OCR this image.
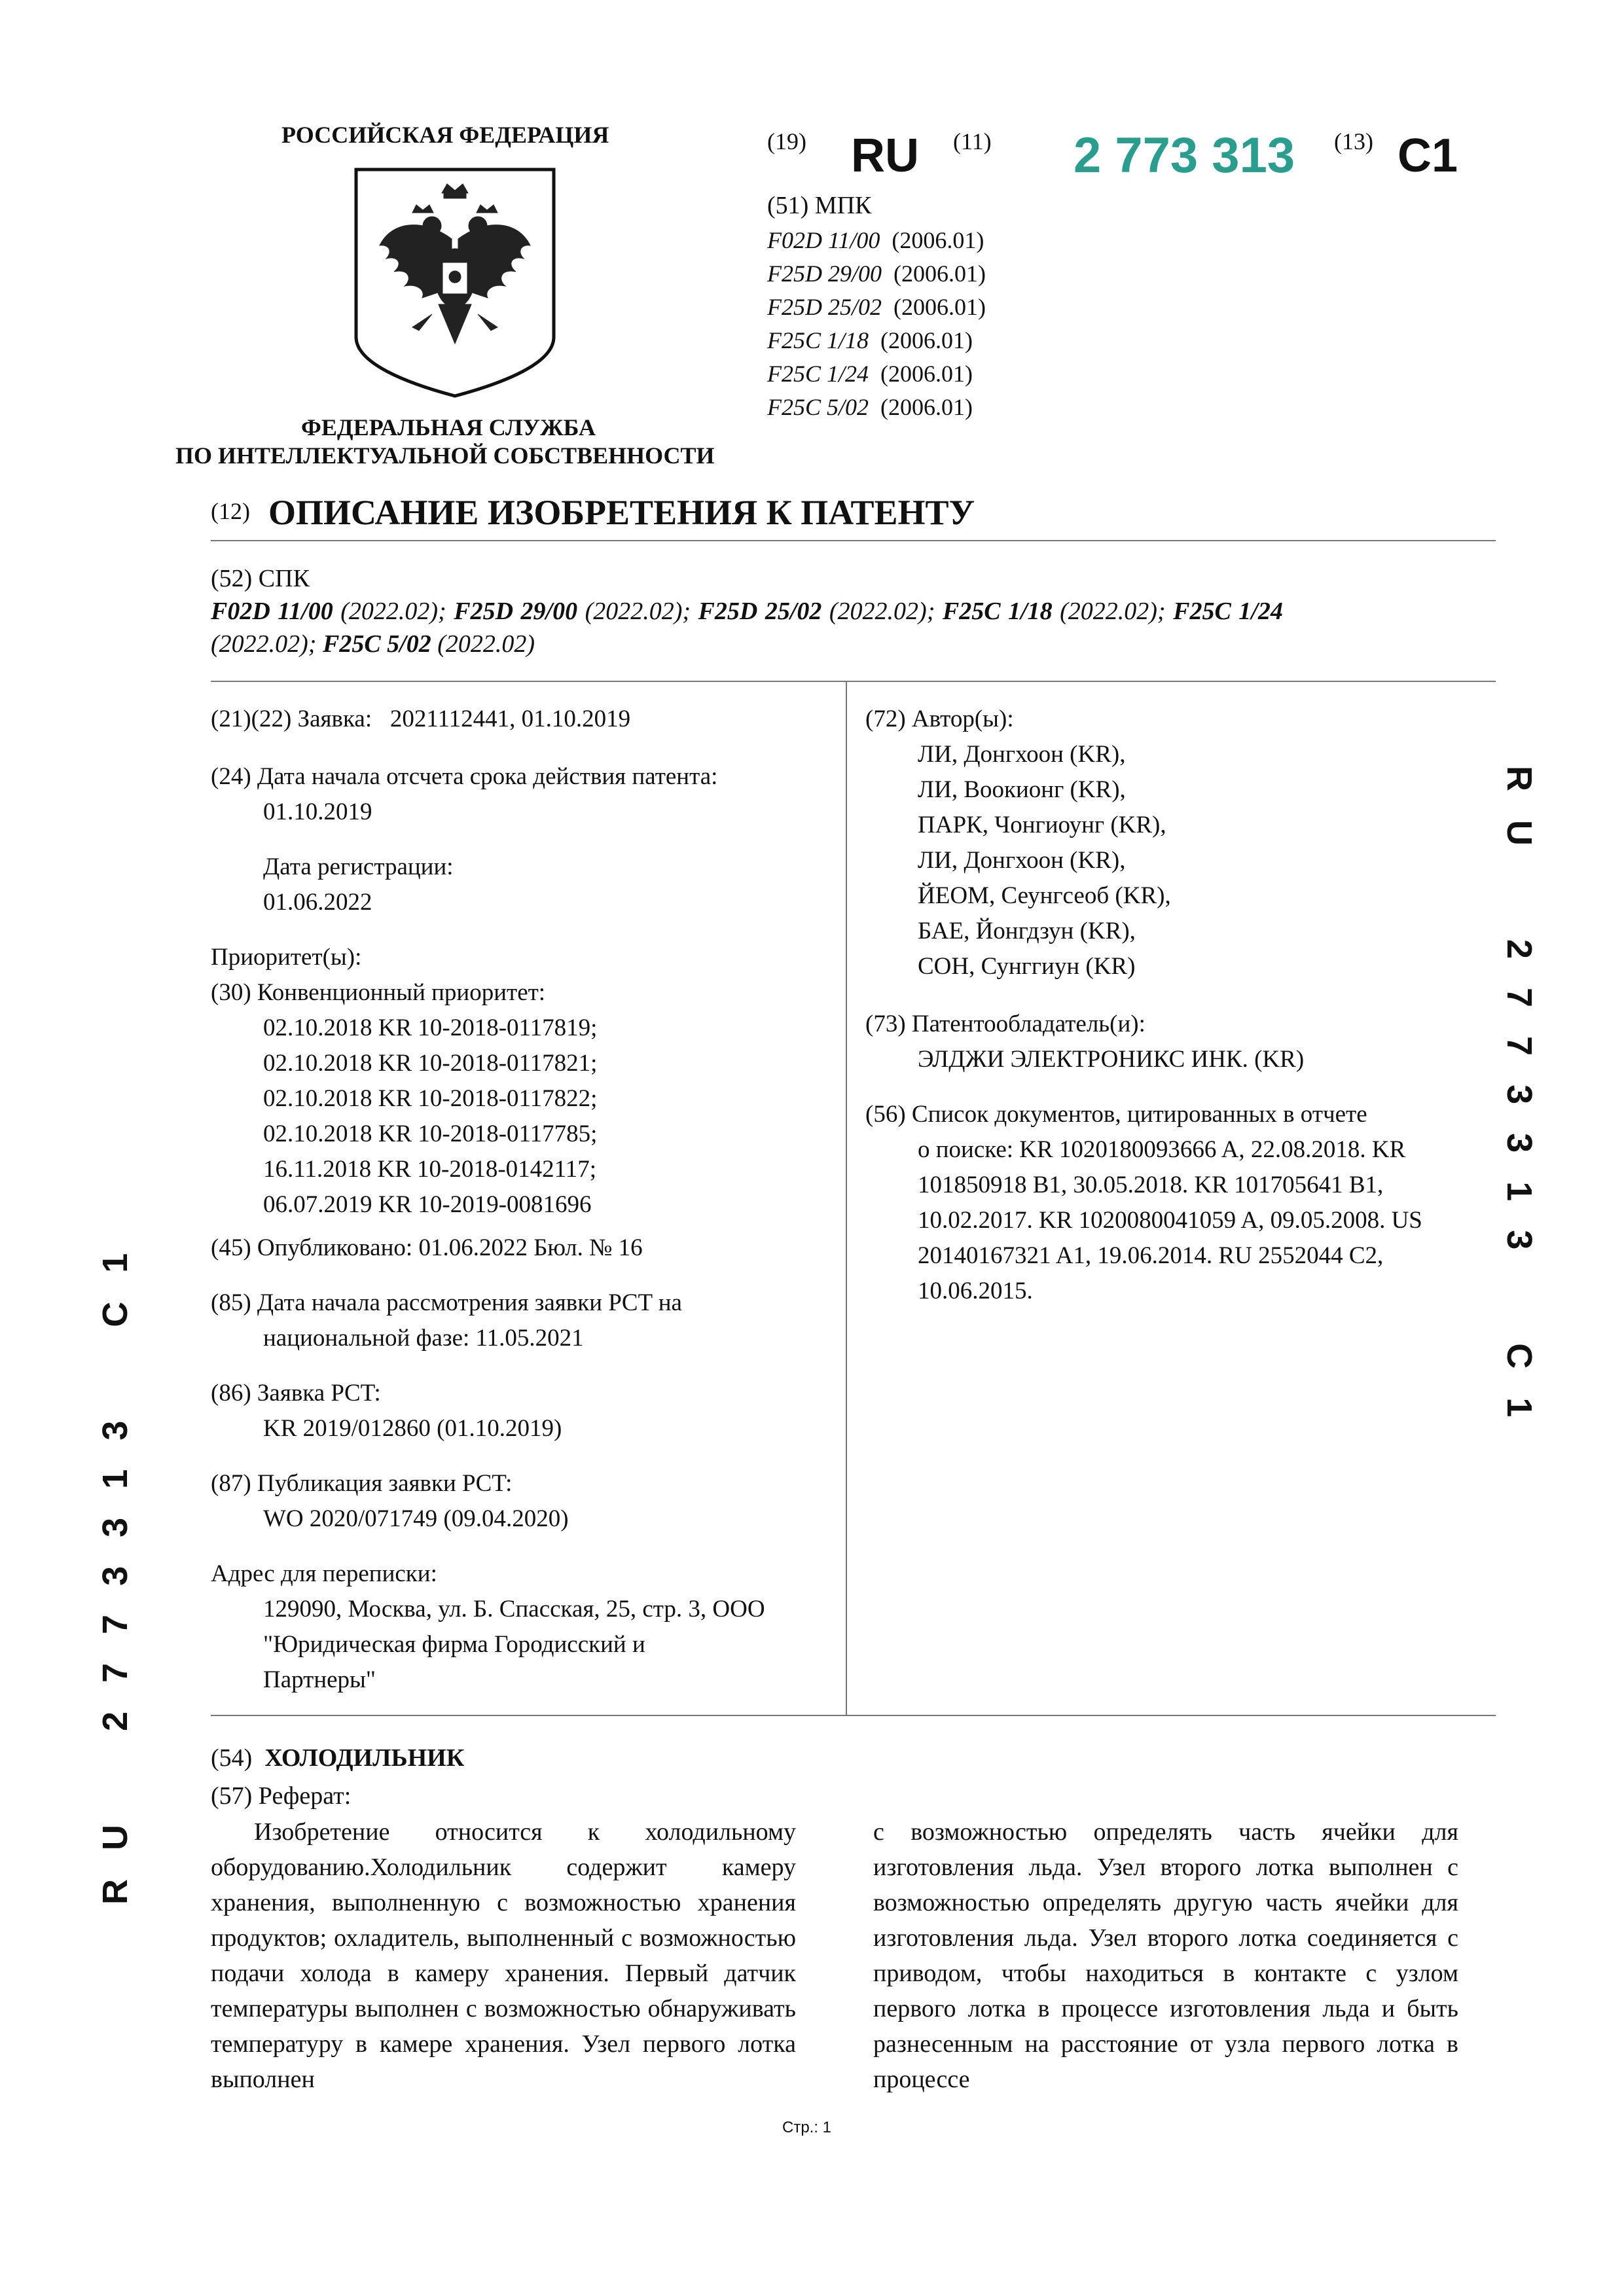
РОССИЙСКАЯ ФЕДЕРАЦИЯ
ФЕДЕРАЛЬНАЯ СЛУЖБА
ПО ИНТЕЛЛЕКТУАЛЬНОЙ СОБСТВЕННОСТИ
(19) RU (11) 2 773 313 (13) C1
(51) МПК
F02D 11/00 (2006.01)
F25D 29/00 (2006.01)
F25D 25/02 (2006.01)
F25C 1/18 (2006.01)
F25C 1/24 (2006.01)
F25C 5/02 (2006.01)
(12) ОПИСАНИЕ ИЗОБРЕТЕНИЯ К ПАТЕНТУ
(52) СПК
F02D 11/00 (2022.02); F25D 29/00 (2022.02); F25D 25/02 (2022.02); F25C 1/18 (2022.02); F25C 1/24
(2022.02); F25C 5/02 (2022.02)
(21)(22) Заявка: 2021112441, 01.10.2019
(24) Дата начала отсчета срока действия патента:
01.10.2019
Дата регистрации:
01.06.2022
Приоритет(ы):
(30) Конвенционный приоритет:
02.10.2018 KR 10-2018-0117819;
02.10.2018 KR 10-2018-0117821;
02.10.2018 KR 10-2018-0117822;
02.10.2018 KR 10-2018-0117785;
16.11.2018 KR 10-2018-0142117;
06.07.2019 KR 10-2019-0081696
(45) Опубликовано: 01.06.2022 Бюл. № 16
(85) Дата начала рассмотрения заявки PCT на
национальной фазе: 11.05.2021
(86) Заявка PCT:
KR 2019/012860 (01.10.2019)
(87) Публикация заявки PCT:
WO 2020/071749 (09.04.2020)
Адрес для переписки:
129090, Москва, ул. Б. Спасская, 25, стр. 3, ООО
"Юридическая фирма Городисский и
Партнеры"
(72) Автор(ы):
ЛИ, Донгхоон (KR),
ЛИ, Воокионг (KR),
ПАРК, Чонгиоунг (KR),
ЛИ, Донгхоон (KR),
ЙЕОМ, Сеунгсеоб (KR),
БАЕ, Йонгдзун (KR),
СОН, Сунггиун (KR)
(73) Патентообладатель(и):
ЭЛДЖИ ЭЛЕКТРОНИКС ИНК. (KR)
(56) Список документов, цитированных в отчете
о поиске: KR 1020180093666 A, 22.08.2018. KR
101850918 B1, 30.05.2018. KR 101705641 B1,
10.02.2017. KR 1020080041059 A, 09.05.2008. US
20140167321 A1, 19.06.2014. RU 2552044 C2,
10.06.2015.
(54) ХОЛОДИЛЬНИК
(57) Реферат:
Изобретение относится к холодильному оборудованию.Холодильник содержит камеру хранения, выполненную с возможностью хранения продуктов; охладитель, выполненный с возможностью подачи холода в камеру хранения. Первый датчик температуры выполнен с возможностью обнаруживать температуру в камере хранения. Узел первого лотка выполнен
с возможностью определять часть ячейки для изготовления льда. Узел второго лотка выполнен с возможностью определять другую часть ячейки для изготовления льда. Узел второго лотка соединяется с приводом, чтобы находиться в контакте с узлом первого лотка в процессе изготовления льда и быть разнесенным на расстояние от узла первого лотка в процессе
RU 2773313 C1
RU 2773313 C1
Стр.: 1
